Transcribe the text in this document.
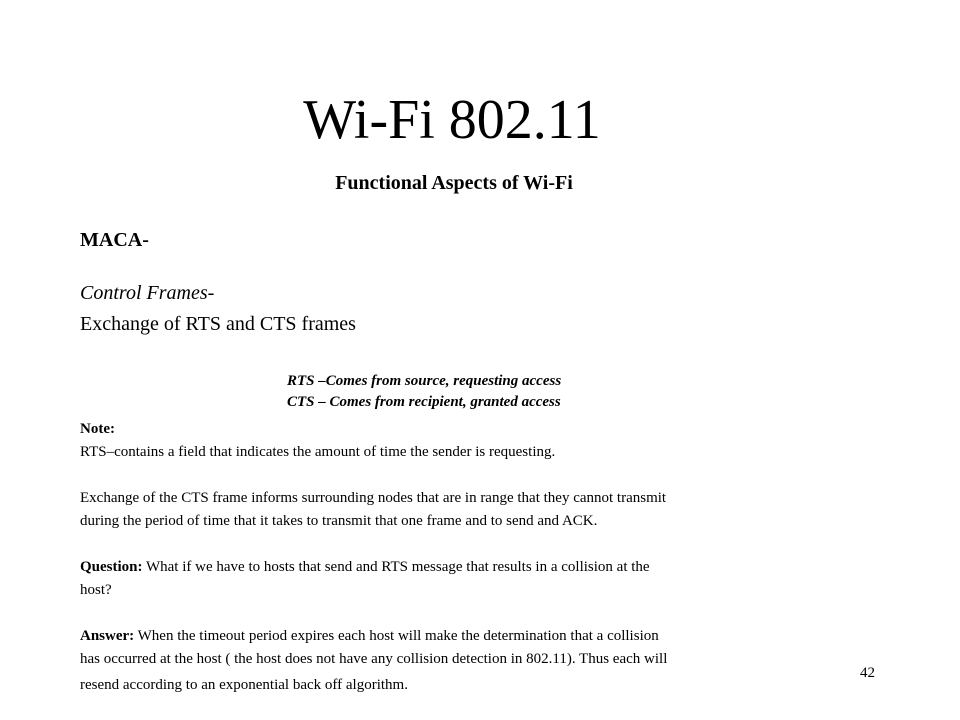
Wi-Fi 802.11
Functional Aspects of Wi-Fi
MACA-
Control Frames-
Exchange of RTS and CTS frames
RTS –Comes from source, requesting access
CTS – Comes from recipient, granted access

Note:

RTS–contains a field that indicates the amount of time the sender is requesting.

Exchange of the CTS frame informs surrounding nodes that are in range that they cannot transmit

during the period of time that it takes to transmit that one frame and to send and ACK.

Question: What if we have to hosts that send and RTS message that results in a collision at the

host?

Answer: When the timeout period expires each host will make the determination that a collision

has occurred at the host ( the host does not have any collision detection in 802.11). Thus each will

resend according to an exponential back off algorithm.

42
